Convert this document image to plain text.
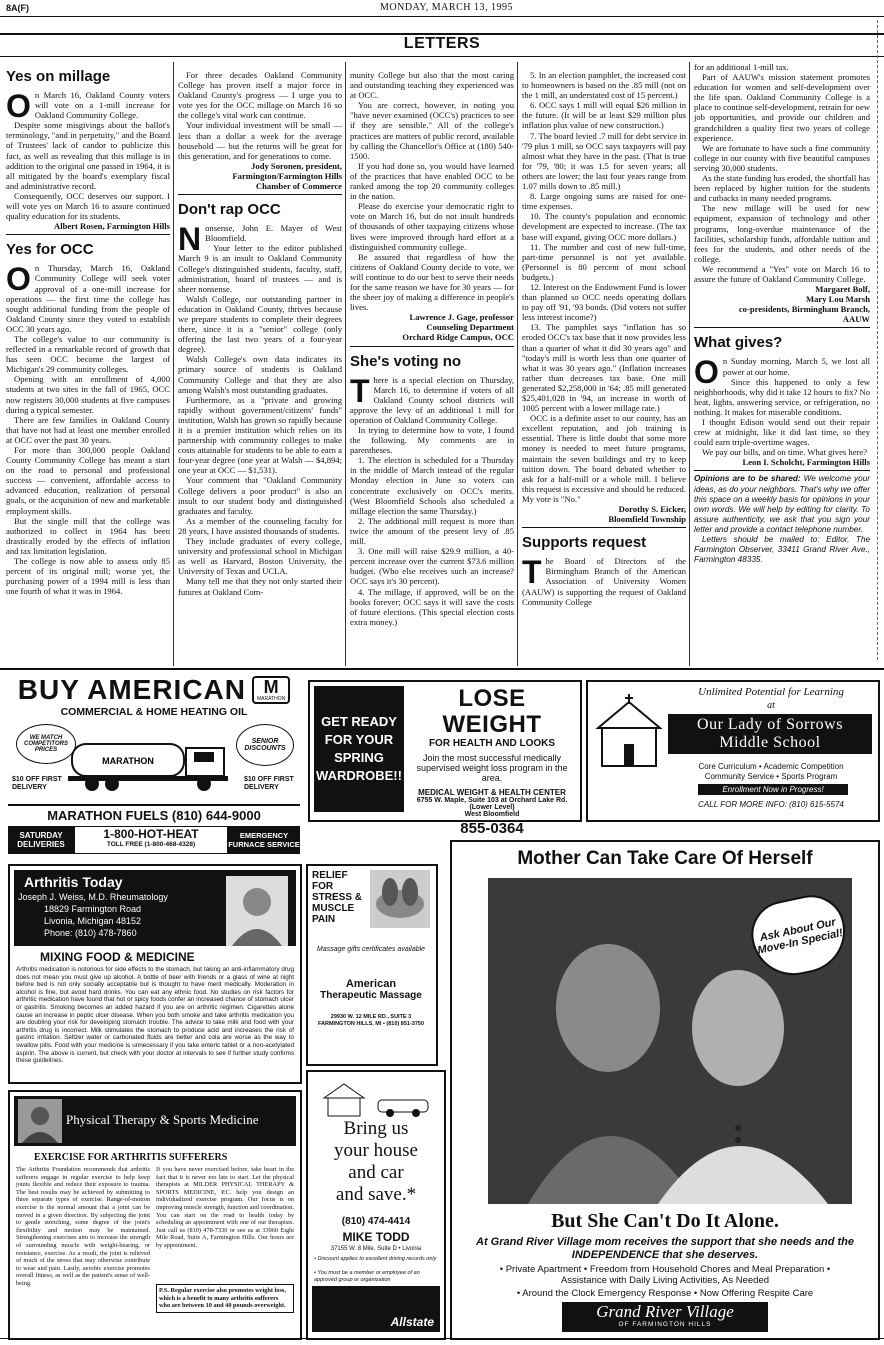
8A(F)	MONDAY, MARCH 13, 1995
LETTERS
Yes on millage

On March 16, Oakland County voters will vote on a 1-mill increase for Oakland Community College.

Despite some misgivings about the ballot's terminology, "and in perpetuity," and the Board of Trustees' lack of candor to publicize this fact, as well as revealing that this millage is in addition to the original one passed in 1964, it is all mitigated by the board's exemplary fiscal and administrative record.

Consequently, OCC deserves our support. I will vote yes on March 16 to assure continued quality education for its students.

Albert Rosen, Farmington Hills

Yes for OCC

On Thursday, March 16, Oakland Community College will seek voter approval of a one-mill increase for operations — the first time the college has sought additional funding from the people of Oakland County since they voted to establish OCC 30 years ago.

The college's value to our community is reflected in a remarkable record of growth that has seen OCC become the largest of Michigan's 29 community colleges.

Opening with an enrollment of 4,000 students at two sites in the fall of 1965, OCC now registers 30,000 students at five campuses during a typical semester.

There are few families in Oakland County that have not had at least one member enrolled at OCC over the past 30 years.

For more than 300,000 people Oakland County Community College has meant a start on the road to personal and professional success — convenient, affordable access to advanced education, realization of personal goals, or the acquisition of new and marketable employment skills.

But the single mill that the college was authorized to collect in 1964 has been drastically eroded by the effects of inflation and tax limitation legislation.

The college is now able to assess only 85 percent of its original mill; worse yet, the purchasing power of a 1994 mill is less than one fourth of what it was in 1964.

For three decades Oakland Community College has proven itself a major force in Oakland County's progress — I urge you to vote yes for the OCC millage on March 16 so the college's vital work can continue.

Your individual investment will be small — less than a dollar a week for the average household — but the returns will be great for this generation, and for generations to come.

Jody Soronen, president,

Farmington/Farmington Hills

Chamber of Commerce

Don't rap OCC

Nonsense, John E. Mayer of West Bloomfield.

Your letter to the editor published March 9 is an insult to Oakland Community College's distinguished students, faculty, staff, administration, board of trustees — and is sheer nonsense.

Walsh College, our outstanding partner in education in Oakland County, thrives because we prepare students to complete their degrees there, since it is a "senior" college (only offering the last two years of a four-year degree).

Walsh College's own data indicates its primary source of students is Oakland Community College and that they are also among Walsh's most outstanding graduates.

Furthermore, as a "private and growing rapidly without government/citizens' funds" institution, Walsh has grown so rapidly because it is a premier institution which relies on its partnership with community colleges to make costs attainable for students to be able to earn a four-year degree (one year at Walsh — $4,894; one year at OCC — $1,531).

Your comment that "Oakland Community College delivers a poor product" is also an insult to our student body and distinguished graduates and faculty.

As a member of the counseling faculty for 28 years, I have assisted thousands of students.

They include graduates of every college, university and professional school in Michigan as well as Harvard, Boston University, the University of Texas and UCLA.

Many tell me that they not only started their futures at Oakland Com-

munity College but also that the most caring and outstanding teaching they experienced was at OCC.

You are correct, however, in noting you "have never examined (OCC's) practices to see if they are sensible." All of the college's practices are matters of public record, available by calling the Chancellor's Office at (180) 540-1500.

If you had done so, you would have learned of the practices that have enabled OCC to be ranked among the top 20 community colleges in the nation.

Please do exercise your democratic right to vote on March 16, but do not insult hundreds of thousands of other taxpaying citizens whose lives were improved through hard effort at a distinguished community college.

Be assured that regardless of how the citizens of Oakland County decide to vote, we will continue to do our best to serve their needs for the same reason we have for 30 years — for the sheer joy of making a difference in people's lives.

Lawrence J. Gage, professor

Counseling Department

Orchard Ridge Campus, OCC

She's voting no

There is a special election on Thursday, March 16, to determine if voters of all Oakland County school districts will approve the levy of an additional 1 mill for operation of Oakland Community College.

In trying to determine how to vote, I found the following. My comments are in parentheses.

1. The election is scheduled for a Thursday in the middle of March instead of the regular Monday election in June so voters can concentrate exclusively on OCC's merits. (West Bloomfield Schools also scheduled a millage election the same Thursday.)

2. The additional mill request is more than twice the amount of the present levy of .85 mill.

3. One mill will raise $29.9 million, a 40-percent increase over the current $73.6 million budget. (Who else receives such an increase? OCC says it's 30 percent).

4. The millage, if approved, will be on the books forever; OCC says it will save the costs of future elections. (This special election costs extra money.)

5. In an election pamphlet, the increased cost to homeowners is based on the .85 mill (not on the 1 mill, an understated cost of 15 percent.)

6. OCC says 1 mill will equal $26 million in the future. (It will be at least $29 million plus inflation plus value of new construction.)

7. The board levied .7 mill for debt service in '79 plus 1 mill, so OCC says taxpayers will pay almost what they have in the past. (That is true for '79, '80; it was 1.5 for seven years; all others are lower; the last four years range from 1.07 mills down to .85 mill.)

8. Large ongoing sums are raised for one-time expenses.

10. The county's population and economic development are expected to increase. (The tax base will expand, giving OCC more dollars.)

11. The number and cost of new full-time, part-time personnel is not yet available. (Personnel is 80 percent of most school budgets.)

12. Interest on the Endowment Fund is lower than planned so OCC needs operating dollars to pay off '91, '93 bonds. (Did voters not suffer less interest income?)

13. The pamphlet says "inflation has so eroded OCC's tax base that it now provides less than a quarter of what it did 30 years ago" and "today's mill is worth less than one quarter of what it was 30 years ago." (Inflation increases rather than decreases tax base. One mill generated $2,258,000 in '64; .85 mill generated $25,401,028 in '94, an increase in worth of 1005 percent with a lower millage rate.)

OCC is a definite asset to our county, has an excellent reputation, and job training is essential. There is little doubt that some more money is needed to meet future programs, maintain the seven buildings and try to keep tuition down. The board debated whether to ask for a half-mill or a whole mill. I believe this request is excessive and should be reduced. My vote is "No."

Dorothy S. Eicker,

Bloomfield Township

Supports request

The Board of Directors of the Birmingham Branch of the American Association of University Women (AAUW) is supporting the request of Oakland Community College

for an additional 1-mill tax.

Part of AAUW's mission statement promotes education for women and self-development over the life span. Oakland Community College is a place to continue self-development, retrain for new job opportunities, and provide our children and grandchildren a quality first two years of college experience.

We are fortunate to have such a fine community college in our county with five beautiful campuses serving 30,000 students.

As the state funding has eroded, the shortfall has been replaced by higher tuition for the students and cutbacks in many needed programs.

The new millage will be used for new equipment, expansion of technology and other programs, long-overdue maintenance of the facilities, scholarship funds, affordable tuition and fees for the students, and other needs of the college.

We recommend a "Yes" vote on March 16 to assure the future of Oakland Community College.

Margaret Bolf,

Mary Lou Marsh

co-presidents, Birmingham Branch,

AAUW

What gives?

On Sunday morning, March 5, we lost all power at our home.

Since this happened to only a few neighborhoods, why did it take 12 hours to fix? No heat, lights, answering service, or refrigeration, no nothing. It makes for miserable conditions.

I thought Edison would send out their repair crew at midnight, like it did last time, so they could earn triple-overtime wages.

We pay our bills, and on time. What gives here?

Leon I. Scholcht, Farmington Hills

Opinions are to be shared: We welcome your ideas, as do your neighbors. That's why we offer this space on a weekly basis for opinions in your own words. We will help by editing for clarity. To assure authenticity, we ask that you sign your letter and provide a contact telephone number.

Letters should be mailed to: Editor, The Farmington Observer, 33411 Grand River Ave., Farmington 48335.

BUY AMERICAN M
MARATHON
COMMERCIAL & HOME HEATING OIL
WE MATCH COMPETITORS PRICES
MARATHON
SENIOR DISCOUNTS
$10 OFF FIRST DELIVERY
$10 OFF FIRST DELIVERY
MARATHON FUELS (810) 644-9000
SATURDAY DELIVERIES
1-800-HOT-HEAT
TOLL FREE (1-800-468-4328)
EMERGENCY FURNACE SERVICE
GET READY FOR YOUR SPRING WARDROBE!!
LOSE WEIGHT
FOR HEALTH AND LOOKS
Join the most successful medically supervised weight loss program in the area.
MEDICAL WEIGHT & HEALTH CENTER
6755 W. Maple, Suite 103 at Orchard Lake Rd. (Lower Level)
West Bloomfield
855-0364
Unlimited Potential for Learning
at
Our Lady of Sorrows
Middle School
Core Curriculum • Academic Competition
Community Service • Sports Program
Enrollment Now in Progress!
CALL FOR MORE INFO: (810) 615-5574
Arthritis Today
Joseph J. Weiss, M.D. Rheumatology
18829 Farmington Road
Livonia, Michigan 48152
Phone: (810) 478-7860
MIXING FOOD & MEDICINE
Arthritis medication is notorious for side effects to the stomach, but taking an anti-inflammatory drug does not mean you must give up alcohol. A bottle of beer with friends or a glass of wine at night before bed is not only socially acceptable but is thought to have merit medically. Moderation in alcohol is fine, but avoid hard drinks. You can eat any ethnic food. No studies on risk factors for arthritic medication have found that hot or spicy foods confer an increased chance of stomach ulcer or gastritis. Smoking becomes an added hazard if you are on arthritic regimen. Cigarettes alone cause an increase in peptic ulcer disease. When you both smoke and take arthritis medication you are doubling your risk for developing stomach trouble. The advice to take milk and food with your arthritis drug is incorrect. Milk stimulates the stomach to produce acid and increases the risk of gastric irritation. Seltzer water or carbonated fluids are better and cola are worse as the way to swallow pills. Food with your medicine is unnecessary if you take enteric tablet or a non-acetylated aspirin. The above is current, but check with your doctor at intervals to see if further study confirms these guidelines.
RELIEF FOR STRESS & MUSCLE PAIN
Massage gifts certificates available
American
Therapeutic Massage
29930 W. 12 MILE RD., SUITE 3 FARMINGTON HILLS, MI • (810) 851-3750
Mother Can Take Care Of Herself
Ask About Our Move-In Special!
But She Can't Do It Alone.
At Grand River Village mom receives the support that she needs and the INDEPENDENCE that she deserves.
• Private Apartment • Freedom from Household Chores and Meal Preparation • Assistance with Daily Living Activities, As Needed
• Around the Clock Emergency Response • Now Offering Respite Care
Grand River Village
OF FARMINGTON HILLS
Physical Therapy & Sports Medicine
EXERCISE FOR ARTHRITIS SUFFERERS
The Arthritis Foundation recommends that arthritis sufferers engage in regular exercise to help keep joints flexible and reduce their exposure to trauma. The best results may be achieved by submitting to three separate types of exercise. Range-of-motion exercise is the normal amount that a joint can be moved in a given direction. By subjecting the joint to gentle stretching, some degree of the joint's flexibility and motion may be maintained. Strengthening exercises aim to increase the strength of surrounding muscle with weight-bearing, or resistance, exercise. As a result, the joint is relieved of much of the stress that may otherwise contribute to wear and pain. Lastly, aerobic exercise promotes overall fitness, as well as the patient's sense of well-being.
If you have never exercised before, take heart in the fact that it is never too late to start. Let the physical therapists at MILDER PHYSICAL THERAPY & SPORTS MEDICINE, P.C. help you design an individualized exercise program. Our focus is on improving muscle strength, function and coordination. You can start on the road to health today by scheduling an appointment with one of our therapists. Just call us (810) 478-7330 or see us at 33960 Eight Mile Road, Suite A, Farmington Hills. Our hours are by appointment.
P.S. Regular exercise also promotes weight loss, which is a benefit to many arthritis sufferers who are between 10 and 40 pounds overweight.
Bring us
your house
and car
and save.*
(810) 474-4414
MIKE TODD
37155 W. 8 Mile, Suite D • Livonia
• Discount applies to excellent driving records only
• You must be a member or employee of an approved group or organization
Allstate
